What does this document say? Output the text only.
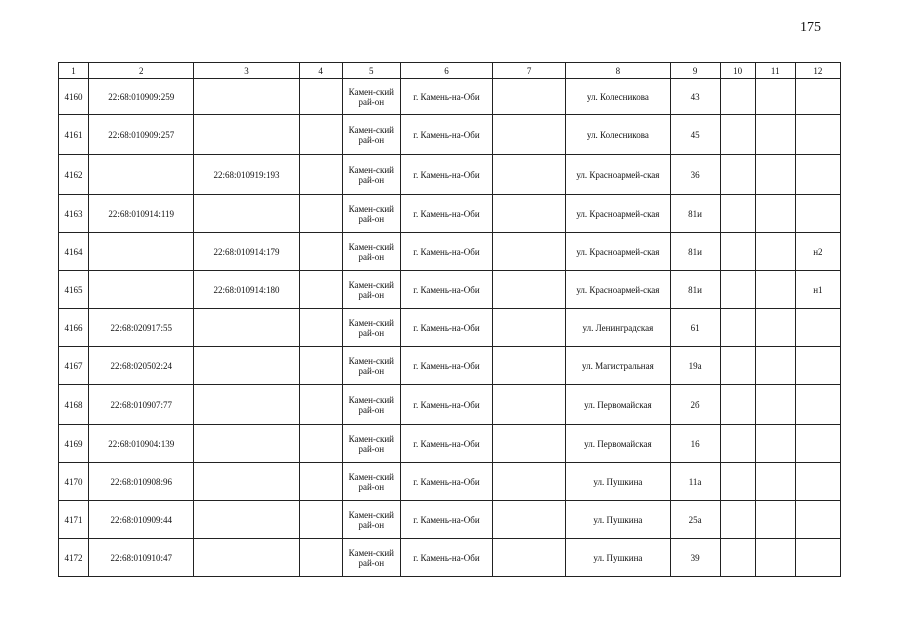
175
1	2	3	4	5	6	7	8	9	10	11	12
4160	22:68:010909:259			Камен-ский рай-он	г. Камень-на-Оби		ул. Колесникова	43			
4161	22:68:010909:257			Камен-ский рай-он	г. Камень-на-Оби		ул. Колесникова	45			
4162		22:68:010919:193		Камен-ский рай-он	г. Камень-на-Оби		ул. Красноармей-ская	36			
4163	22:68:010914:119			Камен-ский рай-он	г. Камень-на-Оби		ул. Красноармей-ская	81и			
4164		22:68:010914:179		Камен-ский рай-он	г. Камень-на-Оби		ул. Красноармей-ская	81и			н2
4165		22:68:010914:180		Камен-ский рай-он	г. Камень-на-Оби		ул. Красноармей-ская	81и			н1
4166	22:68:020917:55			Камен-ский рай-он	г. Камень-на-Оби		ул. Ленинградская	61			
4167	22:68:020502:24			Камен-ский рай-он	г. Камень-на-Оби		ул. Магистральная	19а			
4168	22:68:010907:77			Камен-ский рай-он	г. Камень-на-Оби		ул. Первомайская	2б			
4169	22:68:010904:139			Камен-ский рай-он	г. Камень-на-Оби		ул. Первомайская	16			
4170	22:68:010908:96			Камен-ский рай-он	г. Камень-на-Оби		ул. Пушкина	11а			
4171	22:68:010909:44			Камен-ский рай-он	г. Камень-на-Оби		ул. Пушкина	25а			
4172	22:68:010910:47			Камен-ский рай-он	г. Камень-на-Оби		ул. Пушкина	39			
